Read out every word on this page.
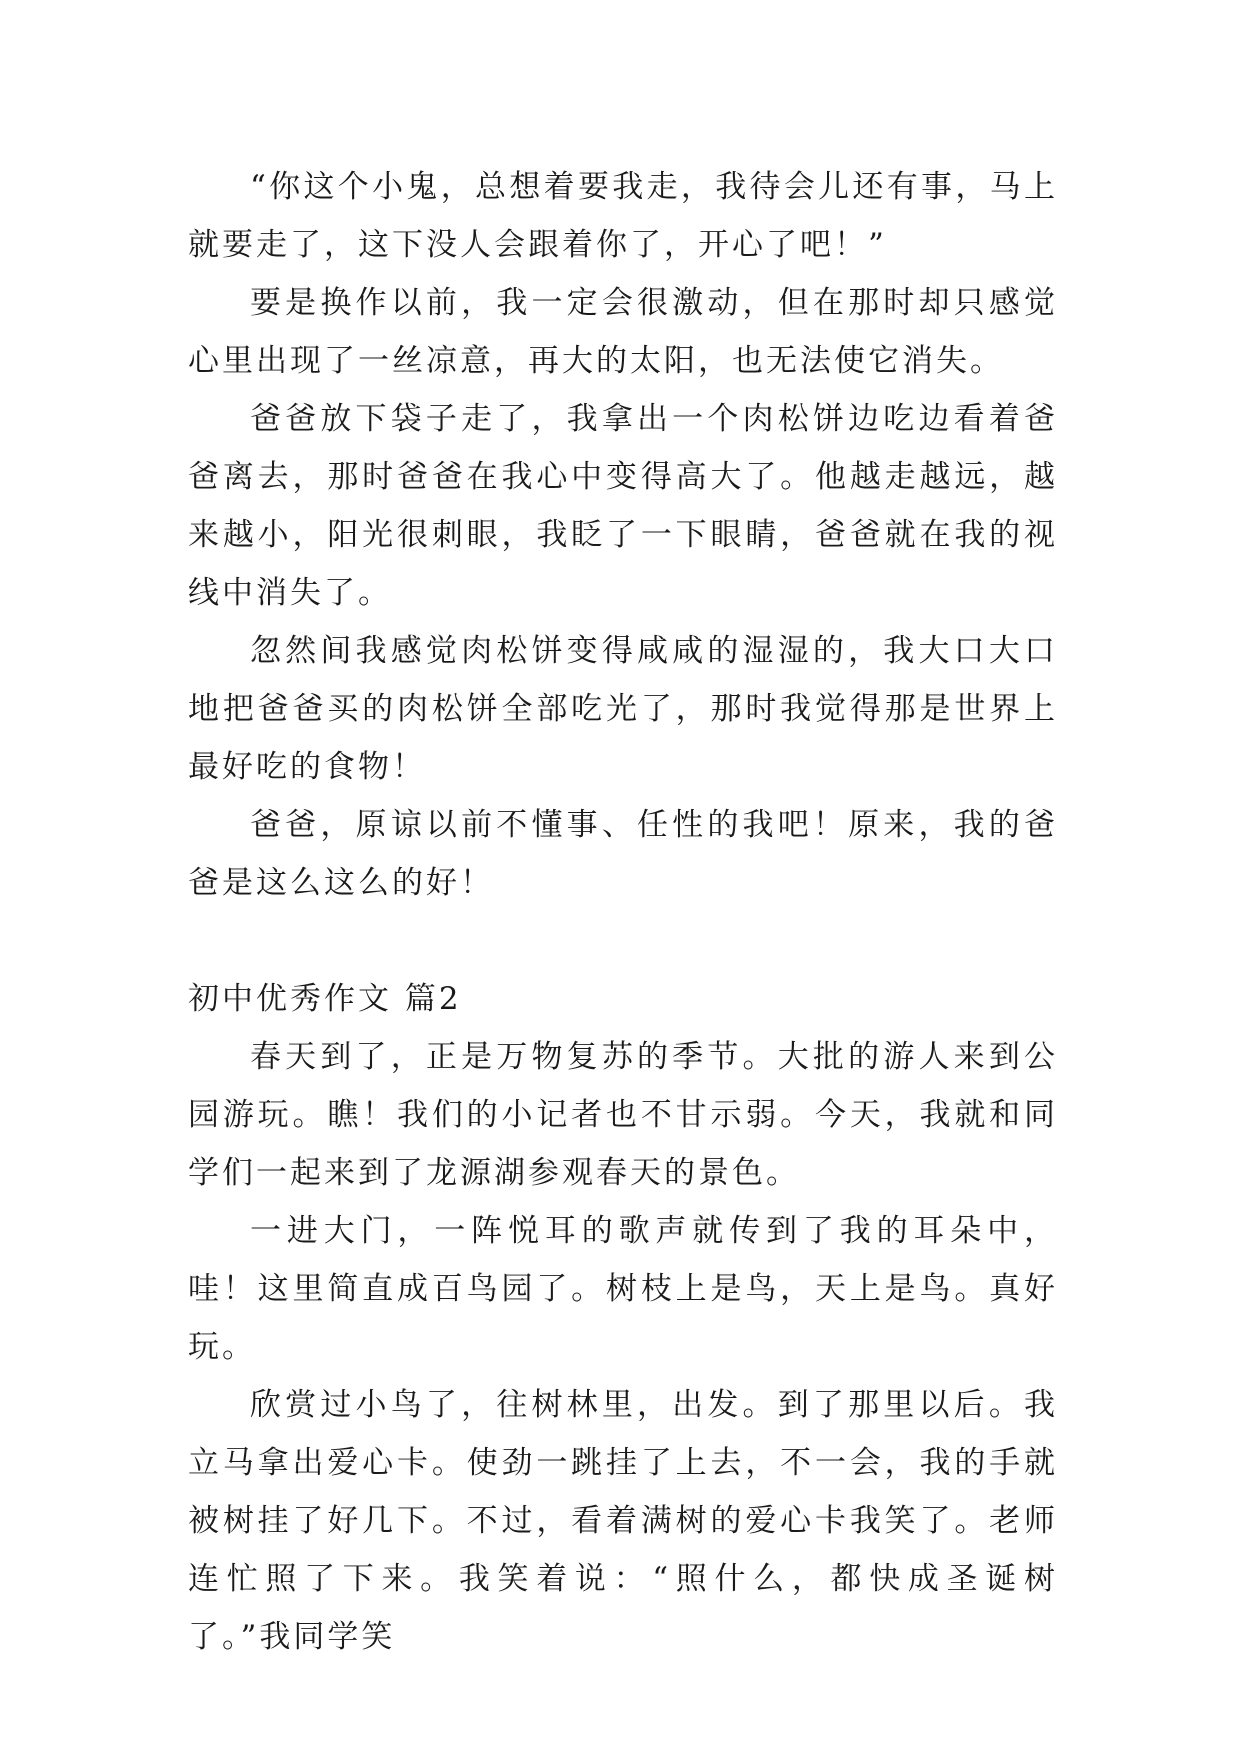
“你这个小鬼，总想着要我走，我待会儿还有事，马上就要走了，这下没人会跟着你了，开心了吧！”

要是换作以前，我一定会很激动，但在那时却只感觉心里出现了一丝凉意，再大的太阳，也无法使它消失。

爸爸放下袋子走了，我拿出一个肉松饼边吃边看着爸爸离去，那时爸爸在我心中变得高大了。他越走越远，越来越小，阳光很刺眼，我眨了一下眼睛，爸爸就在我的视线中消失了。

忽然间我感觉肉松饼变得咸咸的湿湿的，我大口大口地把爸爸买的肉松饼全部吃光了，那时我觉得那是世界上最好吃的食物！

爸爸，原谅以前不懂事、任性的我吧！原来，我的爸爸是这么这么的好！

初中优秀作文 篇2

春天到了，正是万物复苏的季节。大批的游人来到公园游玩。瞧！我们的小记者也不甘示弱。今天，我就和同学们一起来到了龙源湖参观春天的景色。

一进大门，一阵悦耳的歌声就传到了我的耳朵中，哇！这里简直成百鸟园了。树枝上是鸟，天上是鸟。真好玩。

欣赏过小鸟了，往树林里，出发。到了那里以后。我立马拿出爱心卡。使劲一跳挂了上去，不一会，我的手就被树挂了好几下。不过，看着满树的爱心卡我笑了。老师连忙照了下来。我笑着说：“照什么，都快成圣诞树了。”我同学笑
